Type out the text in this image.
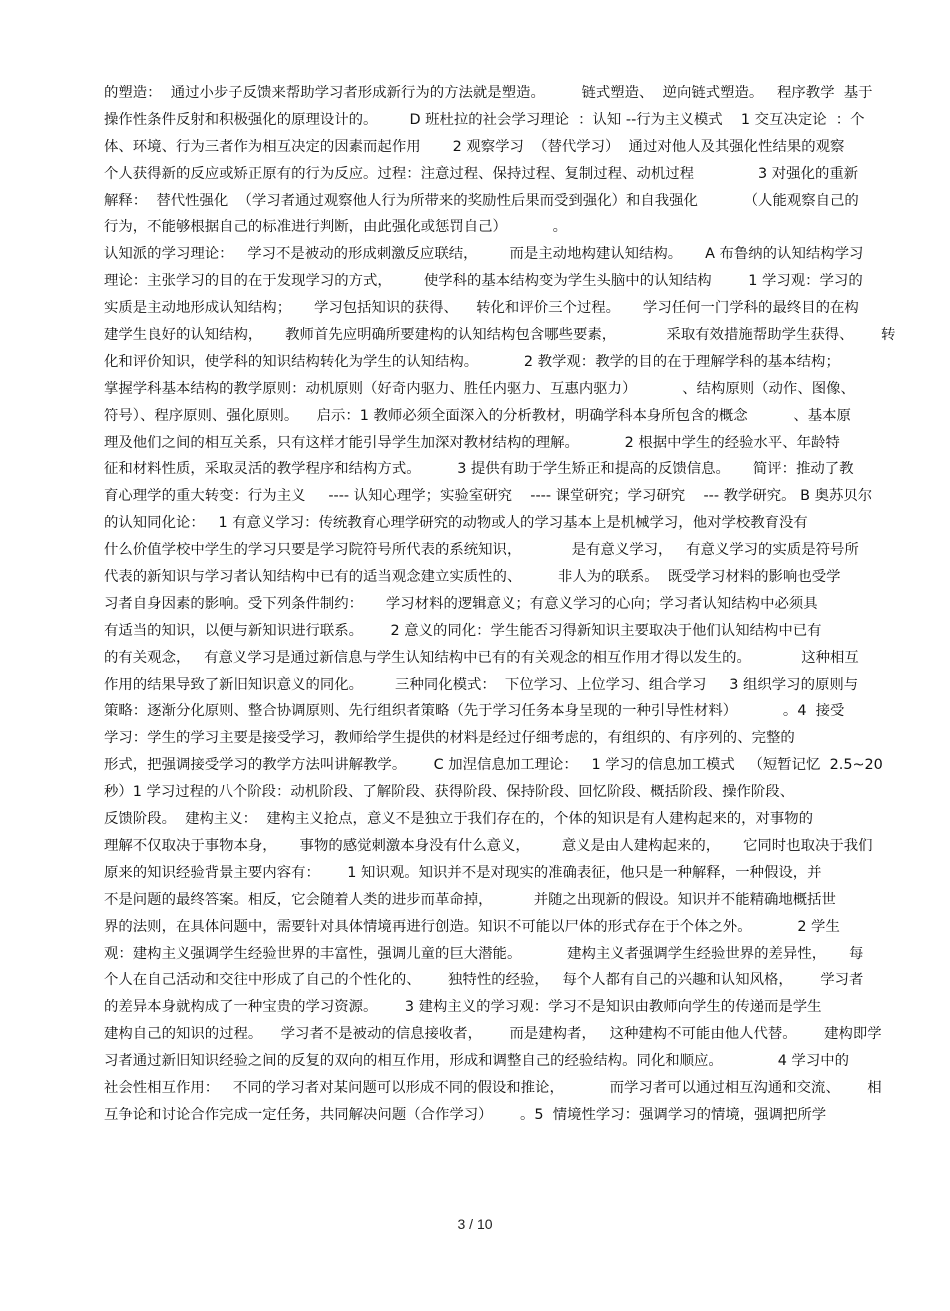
的塑造：  通过小步子反馈来帮助学习者形成新行为的方法就是塑造。        链式塑造、  逆向链式塑造。   程序教学  基于
操作性条件反射和积极强化的原理设计的。       D 班杜拉的社会学习理论  ：认知 --行为主义模式    1 交互决定论  ：个
体、环境、行为三者作为相互决定的因素而起作用       2 观察学习  （替代学习）  通过对他人及其强化性结果的观察
个人获得新的反应或矫正原有的行为反应。过程：注意过程、保持过程、复制过程、动机过程              3 对强化的重新
解释：  替代性强化  （学习者通过观察他人行为所带来的奖励性后果而受到强化）和自我强化          （人能观察自己的
行为，不能够根据自己的标准进行判断，由此强化或惩罚自己）          。
认知派的学习理论：   学习不是被动的形成刺激反应联结，       而是主动地构建认知结构。     A 布鲁纳的认知结构学习
理论：主张学习的目的在于发现学习的方式，       使学科的基本结构变为学生头脑中的认知结构        1 学习观：学习的
实质是主动地形成认知结构；     学习包括知识的获得、    转化和评价三个过程。     学习任何一门学科的最终目的在构
建学生良好的认知结构，     教师首先应明确所要建构的认知结构包含哪些要素，           采取有效措施帮助学生获得、      转
化和评价知识，使学科的知识结构转化为学生的认知结构。          2 教学观：教学的目的在于理解学科的基本结构；
掌握学科基本结构的教学原则：动机原则（好奇内驱力、胜任内驱力、互惠内驱力）          、结构原则（动作、图像、
符号）、程序原则、强化原则。    启示：1 教师必须全面深入的分析教材，明确学科本身所包含的概念          、基本原
理及他们之间的相互关系，只有这样才能引导学生加深对教材结构的理解。          2 根据中学生的经验水平、年龄特
征和材料性质，采取灵活的教学程序和结构方式。        3 提供有助于学生矫正和提高的反馈信息。     简评：推动了教
育心理学的重大转变：行为主义     ---- 认知心理学；实验室研究    ---- 课堂研究；学习研究    --- 教学研究。 B 奥苏贝尔
的认知同化论：   1 有意义学习：传统教育心理学研究的动物或人的学习基本上是机械学习，他对学校教育没有
什么价值学校中学生的学习只要是学习院符号所代表的系统知识，           是有意义学习，   有意义学习的实质是符号所
代表的新知识与学习者认知结构中已有的适当观念建立实质性的、        非人为的联系。  既受学习材料的影响也受学
习者自身因素的影响。受下列条件制约：     学习材料的逻辑意义；有意义学习的心向；学习者认知结构中必须具
有适当的知识，以便与新知识进行联系。      2 意义的同化：学生能否习得新知识主要取决于他们认知结构中已有
的有关观念，   有意义学习是通过新信息与学生认知结构中已有的有关观念的相互作用才得以发生的。           这种相互
作用的结果导致了新旧知识意义的同化。       三种同化模式：  下位学习、上位学习、组合学习     3 组织学习的原则与
策略：逐渐分化原则、整合协调原则、先行组织者策略（先于学习任务本身呈现的一种引导性材料）          。4  接受
学习：学生的学习主要是接受学习，教师给学生提供的材料是经过仔细考虑的，有组织的、有序列的、完整的
形式，把强调接受学习的教学方法叫讲解教学。      C 加涅信息加工理论：   1 学习的信息加工模式   （短暂记忆  2.5~20
秒）1 学习过程的八个阶段：动机阶段、了解阶段、获得阶段、保持阶段、回忆阶段、概括阶段、操作阶段、
反馈阶段。  建构主义：  建构主义抢点，意义不是独立于我们存在的，个体的知识是有人建构起来的，对事物的
理解不仅取决于事物本身，     事物的感觉刺激本身没有什么意义，       意义是由人建构起来的，     它同时也取决于我们
原来的知识经验背景主要内容有：      1 知识观。知识并不是对现实的准确表征，他只是一种解释，一种假设，并
不是问题的最终答案。相反，它会随着人类的进步而革命掉，         并随之出现新的假设。知识并不能精确地概括世
界的法则，在具体问题中，需要针对具体情境再进行创造。知识不可能以尸体的形式存在于个体之外。          2 学生
观：建构主义强调学生经验世界的丰富性，强调儿童的巨大潜能。          建构主义者强调学生经验世界的差异性，     每
个人在自己活动和交往中形成了自己的个性化的、      独特性的经验，   每个人都有自己的兴趣和认知风格，      学习者
的差异本身就构成了一种宝贵的学习资源。      3 建构主义的学习观：学习不是知识由教师向学生的传递而是学生
建构自己的知识的过程。    学习者不是被动的信息接收者，      而是建构者，   这种建构不可能由他人代替。      建构即学
习者通过新旧知识经验之间的反复的双向的相互作用，形成和调整自己的经验结构。同化和顺应。            4 学习中的
社会性相互作用：   不同的学习者对某问题可以形成不同的假设和推论，          而学习者可以通过相互沟通和交流、      相
互争论和讨论合作完成一定任务，共同解决问题（合作学习）      。5  情境性学习：强调学习的情境，强调把所学
3 / 10
